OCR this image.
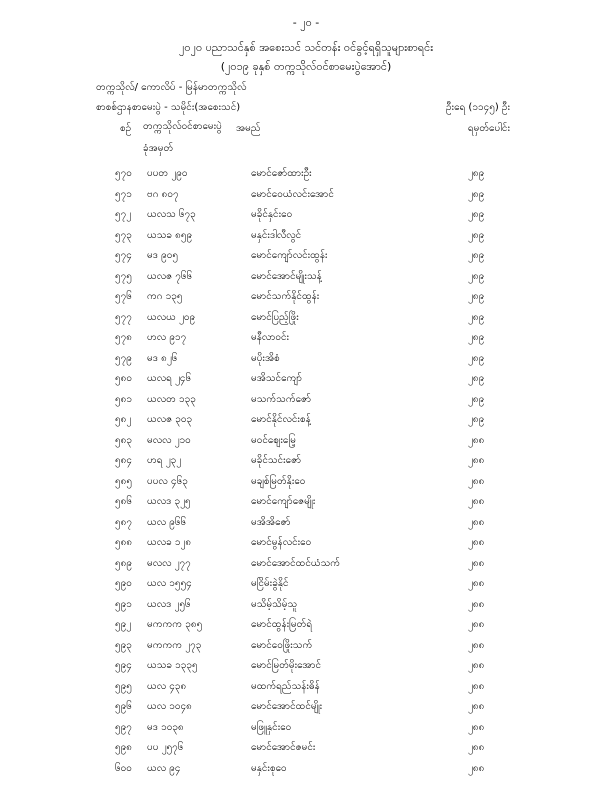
- ၂၀ -
၂၀၂၀ ပညာသင်နှစ် အစေးသင် သင်တန်း ဝင်ခွင့်ရရှိသူများစာရင်း
(၂၀၁၉ ခုနှစ် တက္ကသိုလ်ဝင်စာမေးပွဲအောင်)
တက္ကသိုလ်/ ကောလိပ် - မြန်မာတက္ကသိုလ်
စာစစ်ဌာနစာမေးပွဲ - သမိုင်း(အစေးသင်)	ဦးရေ (၁၁၄၅) ဦး
စဉ် တက္ကသိုလ်ဝင်စာမေးပွဲ
ခုံအမှတ်
အမည်	ရမှတ်ပေါင်း
၅၇၀ ပပတ ၂၉၀	မောင်ဇော်ထားဦး	၂၈၉
၅၇၁ ဗဂ ၈၀၇	မောင်ဝေယံလင်းအောင်	၂၈၉
၅၇၂ ယလသ ၆၇၃	မခိုင်နှင်းဝေ	၂၈၉
၅၇၃ ယသခ ၈၅၉	မနှင်းဒါလီလွင်	၂၈၉
၅၇၄ မဒ ၉၀၅	မောင်ကျော်လင်းထွန်း	၂၈၉
၅၇၅ ယလဇ ၇၆၆	မောင်အောင်မျိုးသန့်	၂၈၉
၅၇၆ ကဂ ၁၃၅	မောင်သက်နိုင်ထွန်း	၂၈၉
၅၇၇ ယလယ ၂၀၉	မောင်ပြည့်ဖြိုး	၂၈၉
၅၇၈ ဟလ ၉၁၇	မနီလာဝင်း	၂၈၉
၅၇၉ မဒ ၈၂၆	မပိုးအိစံ	၂၈၉
၅၈၀ ယလရ ၂၄၆	မအိသင်ကျော်	၂၈၉
၅၈၁ ယလတ ၁၃၃	မသက်သက်ဇော်	၂၈၉
၅၈၂ ယလဇ ၃၀၃	မောင်နိုင်လင်းစန့်	၂၈၉
၅၈၃ မလလ ၂၁၀	မဝင်ဈေးမြေ့	၂၈၈
၅၈၄ ဟရ ၂၃၂	မခိုင်သင်းဇော်	၂၈၈
၅၈၅ ပပလ ၄၆၃	မချစ်မြတ်နိုးဝေ	၂၈၈
၅၈၆ ယလဒ ၃၂၅	မောင်ကျော်ဇေမျိုး	၂၈၈
၅၈၇ ယလ ၉၆၆	မအိအိဇော်	၂၈၈
၅၈၈ ယလခ ၁၂၈	မောင်မွန်လင်းဝေ	၂၈၈
၅၈၉ မလလ ၂၇၇	မောင်အောင်ထင်ယံသက်	၂၈၈
၅၉၀ ယလ ၁၅၅၄	မငြိမ်းခွဲနိုင်	၂၈၈
၅၉၁ ယလဒ ၂၅၆	မသိမ့်သိမ့်သူ	၂၈၈
၅၉၂ မကကက ၃၈၅	မောင်ထွန်းမြတ်ရဲ	၂၈၈
၅၉၃ မကကက ၂၇၃	မောင်ဝေဖြိုးသက်	၂၈၈
၅၉၄ ယသခ ၁၃၃၅	မောင်မြတ်မိုးအောင်	၂၈၈
၅၉၅ ယလ ၄၃၈	မထက်ရည်သန်းဓိန်	၂၈၈
၅၉၆ ယလ ၁၀၄၈	မောင်အောင်ထင်မျိုး	၂၈၈
၅၉၇ မဒ ၁၀၃၈	မဖြူနှင်းဝေ	၂၈၈
၅၉၈ ပပ ၂၅၇၆	မောင်အောင်ဇမင်း	၂၈၈
၆၀၀ ယလ ၉၄	မနှင်းစုဝေ	၂၈၈
